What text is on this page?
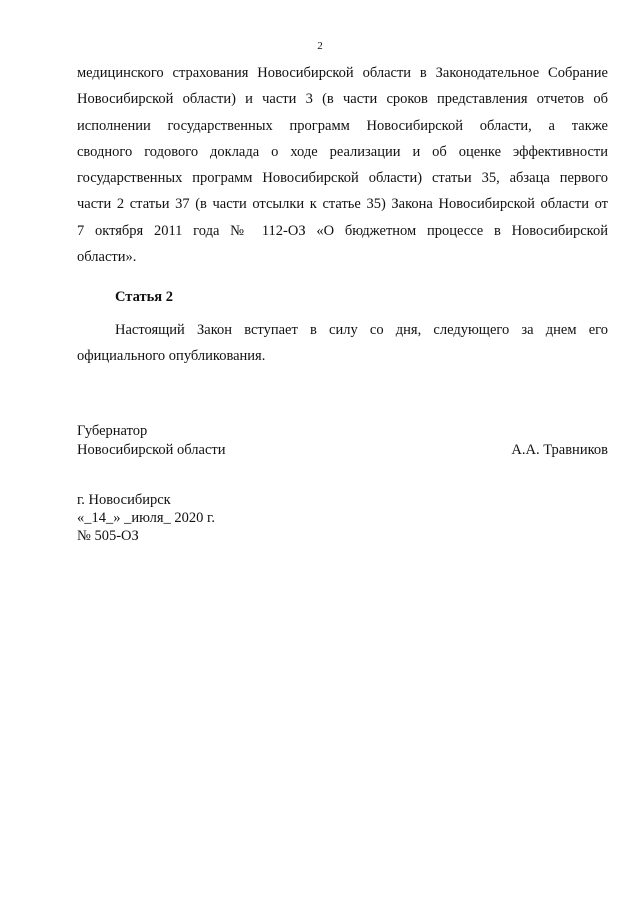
2
медицинского страхования Новосибирской области в Законодательное Собрание
Новосибирской области) и части 3 (в части сроков представления отчетов об
исполнении государственных программ Новосибирской области, а также
сводного годового доклада о ходе реализации и об оценке эффективности
государственных программ Новосибирской области) статьи 35, абзаца первого
части 2 статьи 37 (в части отсылки к статье 35) Закона Новосибирской области от
7 октября 2011 года № 112-ОЗ «О бюджетном процессе в Новосибирской
области».
Статья 2
Настоящий Закон вступает в силу со дня, следующего за днем его
официального опубликования.
Губернатор
Новосибирской области	А.А. Травников
г. Новосибирск
«_14_» _июля_ 2020 г.
№ 505-ОЗ
